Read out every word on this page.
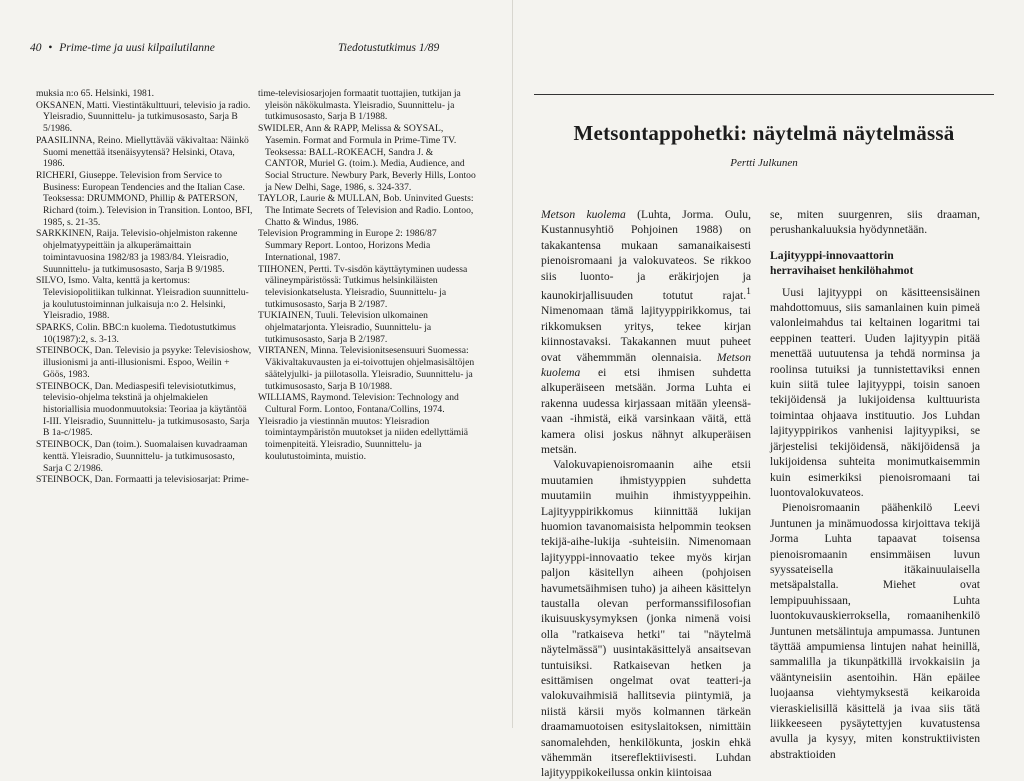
40 • Prime-time ja uusi kilpailutilanne	Tiedotustutkimus 1/89

muksia n:o 65. Helsinki, 1981.

OKSANEN, Matti. Viestintäkulttuuri, televisio ja radio. Yleisradio, Suunnittelu- ja tutkimusosasto, Sarja B 5/1986.

PAASILINNA, Reino. Miellyttävää väkivaltaa: Näinkö Suomi menettää itsenäisyytensä? Helsinki, Otava, 1986.

RICHERI, Giuseppe. Television from Service to Business: European Tendencies and the Italian Case. Teoksessa: DRUMMOND, Phillip & PATERSON, Richard (toim.). Television in Transition. Lontoo, BFI, 1985, s. 21-35.

SARKKINEN, Raija. Televisio-ohjelmiston rakenne ohjelmatyypeittäin ja alkuperämaittain toimintavuosina 1982/83 ja 1983/84. Yleisradio, Suunnittelu- ja tutkimusosasto, Sarja B 9/1985.

SILVO, Ismo. Valta, kenttä ja kertomus: Televisiopolitiikan tulkinnat. Yleisradion suunnittelu- ja koulutustoiminnan julkaisuja n:o 2. Helsinki, Yleisradio, 1988.

SPARKS, Colin. BBC:n kuolema. Tiedotustutkimus 10(1987):2, s. 3-13.

STEINBOCK, Dan. Televisio ja psyyke: Televisioshow, illusionismi ja anti-illusionismi. Espoo, Weilin + Göös, 1983.

STEINBOCK, Dan. Mediaspesifi televisiotutkimus, televisio-ohjelma tekstinä ja ohjelmakielen historiallisia muodonmuutoksia: Teoriaa ja käytäntöä I-III. Yleisradio, Suunnittelu- ja tutkimusosasto, Sarja B 1a-c/1985.

STEINBOCK, Dan (toim.). Suomalaisen kuvadraaman kenttä. Yleisradio, Suunnittelu- ja tutkimusosasto, Sarja C 2/1986.

STEINBOCK, Dan. Formaatti ja televisiosarjat: Prime-

time-televisiosarjojen formaatit tuottajien, tutkijan ja yleisön näkökulmasta. Yleisradio, Suunnittelu- ja tutkimusosasto, Sarja B 1/1988.

SWIDLER, Ann & RAPP, Melissa & SOYSAL, Yasemin. Format and Formula in Prime-Time TV. Teoksessa: BALL-ROKEACH, Sandra J. & CANTOR, Muriel G. (toim.). Media, Audience, and Social Structure. Newbury Park, Beverly Hills, Lontoo ja New Delhi, Sage, 1986, s. 324-337.

TAYLOR, Laurie & MULLAN, Bob. Uninvited Guests: The Intimate Secrets of Television and Radio. Lontoo, Chatto & Windus, 1986.

Television Programming in Europe 2: 1986/87 Summary Report. Lontoo, Horizons Media International, 1987.

TIIHONEN, Pertti. Tv-sisdön käyttäytyminen uudessa välineympäristössä: Tutkimus helsinkiläisten televisionkatselusta. Yleisradio, Suunnittelu- ja tutkimusosasto, Sarja B 2/1987.

TUKIAINEN, Tuuli. Television ulkomainen ohjelmatarjonta. Yleisradio, Suunnittelu- ja tutkimusosasto, Sarja B 2/1987.

VIRTANEN, Minna. Televisionitsesensuuri Suomessa: Väkivaltakuvausten ja ei-toivottujen ohjelmasisältöjen säätelyjulki- ja piilotasolla. Yleisradio, Suunnittelu- ja tutkimusosasto, Sarja B 10/1988.

WILLIAMS, Raymond. Television: Technology and Cultural Form. Lontoo, Fontana/Collins, 1974.

Yleisradio ja viestinnän muutos: Yleisradion toimintaympäristön muutokset ja niiden edellyttämiä toimenpiteitä. Yleisradio, Suunnittelu- ja koulutustoiminta, muistio.

Metsontappohetki: näytelmä näytelmässä
Pertti Julkunen

Metson kuolema (Luhta, Jorma. Oulu, Kustannusyhtiö Pohjoinen 1988) on takakantensa mukaan samanaikaisesti pienoisromaani ja valokuvateos. Se rikkoo siis luonto- ja eräkirjojen ja kaunokirjallisuuden totutut rajat.$^1$ Nimenomaan tämä lajityyppirikkomus, tai rikkomuksen yritys, tekee kirjan kiinnostavaksi. Takakannen muut puheet ovat vähemmmän olennaisia. Metson kuolema ei etsi ihmisen suhdetta alkuperäiseen metsään. Jorma Luhta ei rakenna uudessa kirjassaan mitään yleensä-vaan -ihmistä, eikä varsinkaan väitä, että kamera olisi joskus nähnyt alkuperäisen metsän.

Valokuvapienoisromaanin aihe etsii muutamien ihmistyyppien suhdetta muutamiin muihin ihmistyyppeihin. Lajityyppirikkomus kiinnittää lukijan huomion tavanomaisista helpommin teoksen tekijä-aihe-lukija -suhteisiin. Nimenomaan lajityyppi-innovaatio tekee myös kirjan paljon käsitellyn aiheen (pohjoisen havumetsäihmisen tuho) ja aiheen käsittelyn taustalla olevan performanssifilosofian ikuisuuskysymyksen (jonka nimenä voisi olla "ratkaiseva hetki" tai "näytelmä näytelmässä") uusintakäsittelyä ansaitsevan tuntuisiksi. Ratkaisevan hetken ja esittämisen ongelmat ovat teatteri-ja valokuvaihmisiä hallitsevia piintymiä, ja niistä kärsii myös kolmannen tärkeän draamamuotoisen esityslaitoksen, nimittäin sanomalehden, henkilökunta, joskin ehkä vähemmän itsereflektiivisesti. Luhdan lajityyppikokeilussa onkin kiintoisaa

se, miten suurgenren, siis draaman, perushankaluuksia hyödynnetään.

Lajityyppi-innovaattorin
herravihaiset henkilöhahmot

Uusi lajityyppi on käsitteensisäinen mahdottomuus, siis samanlainen kuin pimeä valonleimahdus tai keltainen logaritmi tai eeppinen teatteri. Uuden lajityypin pitää menettää uutuutensa ja tehdä norminsa ja roolinsa tutuiksi ja tunnistettaviksi ennen kuin siitä tulee lajityyppi, toisin sanoen tekijöidensä ja lukijoidensa kulttuurista toimintaa ohjaava instituutio. Jos Luhdan lajityyppirikos vanhenisi lajityypiksi, se järjestelisi tekijöidensä, näkijöidensä ja lukijoidensa suhteita monimutkaisemmin kuin esimerkiksi pienoisromaani tai luontovalokuvateos.

Pienoisromaanin päähenkilö Leevi Juntunen ja minämuodossa kirjoittava tekijä Jorma Luhta tapaavat toisensa pienoisromaanin ensimmäisen luvun syyssateisella itäkainuulaisella metsäpalstalla. Miehet ovat lempipuuhissaan, Luhta luontokuvauskierroksella, romaanihenkilö Juntunen metsälintuja ampumassa. Juntunen täyttää ampumiensa lintujen nahat heinillä, sammalilla ja tikunpätkillä irvokkaisiin ja vääntyneisiin asentoihin. Hän epäilee luojaansa viehtymyksestä keikaroida vieraskielisillä käsittelä ja ivaa siis tätä liikkeeseen pysäytettyjen kuvatustensa avulla ja kysyy, miten konstruktiivisten abstraktioiden
